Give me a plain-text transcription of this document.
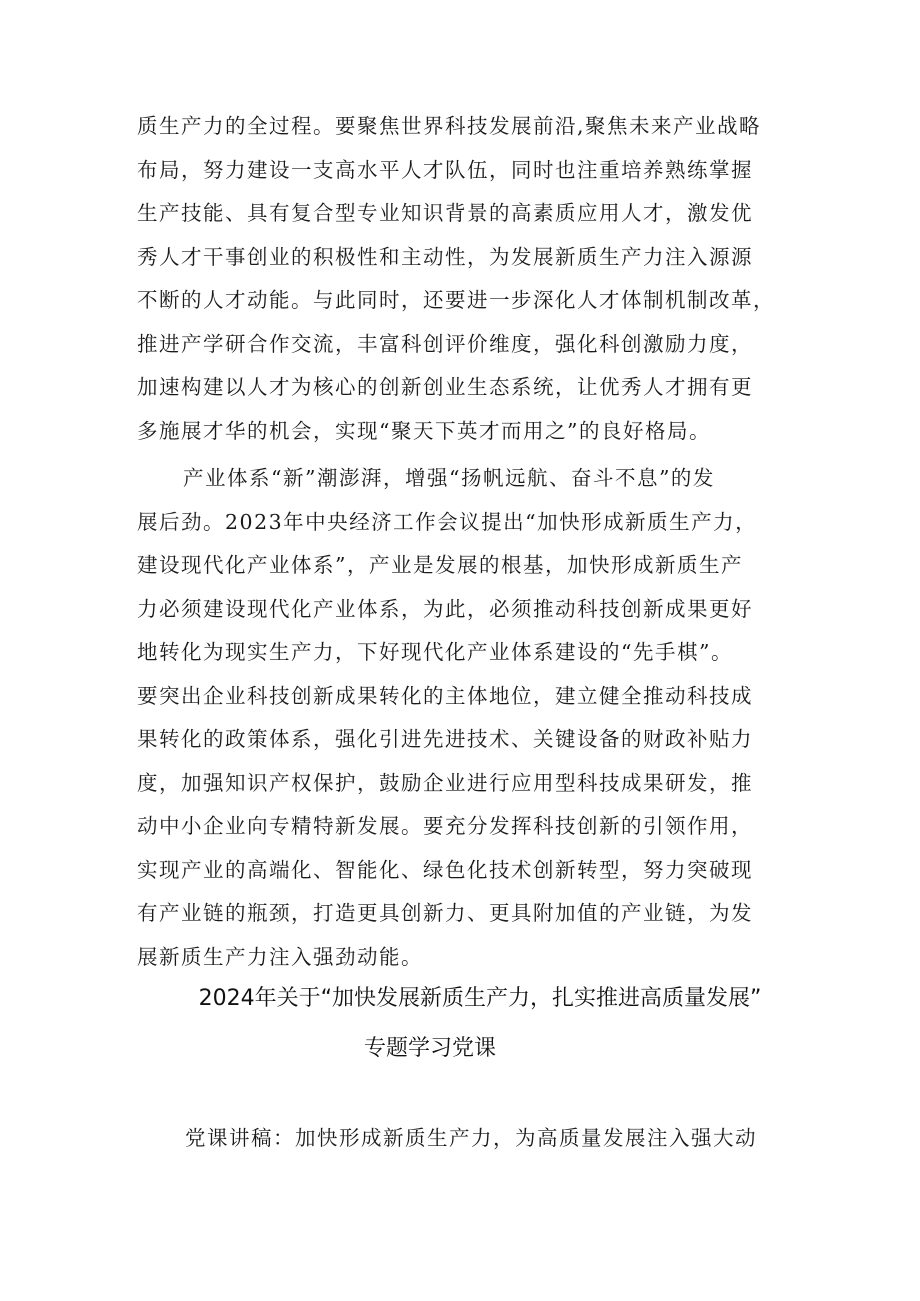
质生产力的全过程。要聚焦世界科技发展前沿,聚焦未来产业战略
布局，努力建设一支高水平人才队伍，同时也注重培养熟练掌握
生产技能、具有复合型专业知识背景的高素质应用人才，激发优
秀人才干事创业的积极性和主动性，为发展新质生产力注入源源
不断的人才动能。与此同时，还要进一步深化人才体制机制改革，
推进产学研合作交流，丰富科创评价维度，强化科创激励力度，
加速构建以人才为核心的创新创业生态系统，让优秀人才拥有更
多施展才华的机会，实现“聚天下英才而用之”的良好格局。
产业体系“新”潮澎湃，增强“扬帆远航、奋斗不息”的发
展后劲。2023年中央经济工作会议提出“加快形成新质生产力，
建设现代化产业体系”，产业是发展的根基，加快形成新质生产
力必须建设现代化产业体系，为此，必须推动科技创新成果更好
地转化为现实生产力，下好现代化产业体系建设的“先手棋”。
要突出企业科技创新成果转化的主体地位，建立健全推动科技成
果转化的政策体系，强化引进先进技术、关键设备的财政补贴力
度，加强知识产权保护，鼓励企业进行应用型科技成果研发，推
动中小企业向专精特新发展。要充分发挥科技创新的引领作用，
实现产业的高端化、智能化、绿色化技术创新转型，努力突破现
有产业链的瓶颈，打造更具创新力、更具附加值的产业链，为发
展新质生产力注入强劲动能。
2024年关于“加快发展新质生产力，扎实推进高质量发展”
专题学习党课
党课讲稿：加快形成新质生产力，为高质量发展注入强大动
